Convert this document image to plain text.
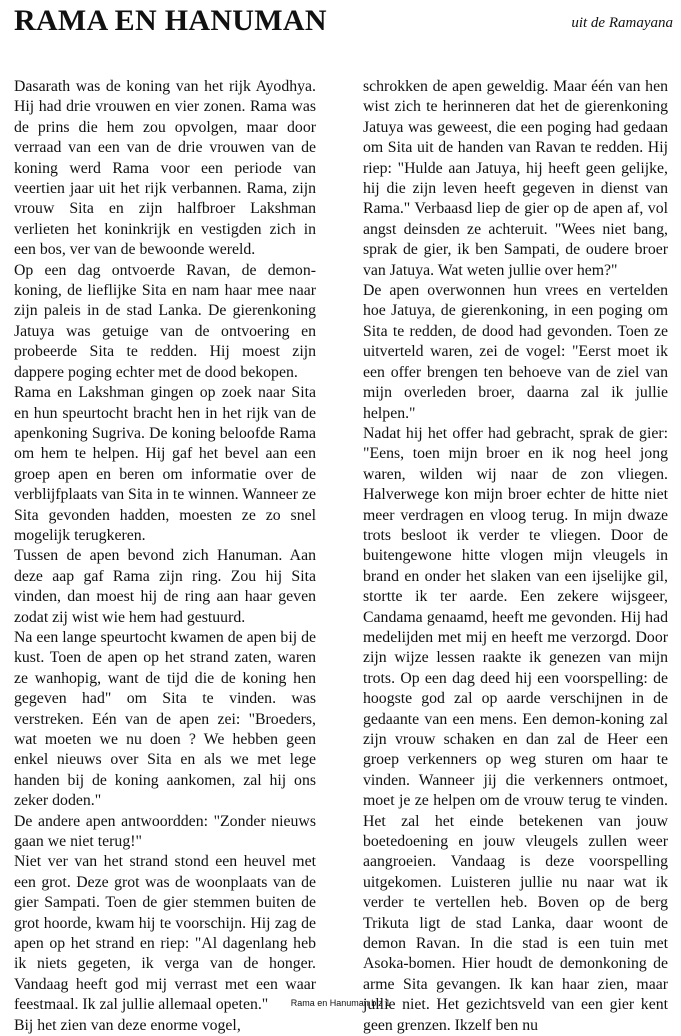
RAMA EN HANUMAN	uit de Ramayana

Dasarath was de koning van het rijk Ayodhya. Hij had drie vrouwen en vier zonen. Rama was de prins die hem zou opvolgen, maar door verraad van een van de drie vrouwen van de koning werd Rama voor een periode van veertien jaar uit het rijk verbannen. Rama, zijn vrouw Sita en zijn halfbroer Lakshman verlieten het koninkrijk en vestigden zich in een bos, ver van de bewoonde wereld.

Op een dag ontvoerde Ravan, de demon-koning, de lieflijke Sita en nam haar mee naar zijn paleis in de stad Lanka. De gierenkoning Jatuya was getuige van de ontvoering en probeerde Sita te redden. Hij moest zijn dappere poging echter met de dood bekopen.

Rama en Lakshman gingen op zoek naar Sita en hun speurtocht bracht hen in het rijk van de apenkoning Sugriva. De koning beloofde Rama om hem te helpen. Hij gaf het bevel aan een groep apen en beren om informatie over de verblijfplaats van Sita in te winnen. Wanneer ze Sita gevonden hadden, moesten ze zo snel mogelijk terugkeren.

Tussen de apen bevond zich Hanuman. Aan deze aap gaf Rama zijn ring. Zou hij Sita vinden, dan moest hij de ring aan haar geven zodat zij wist wie hem had gestuurd.

Na een lange speurtocht kwamen de apen bij de kust. Toen de apen op het strand zaten, waren ze wanhopig, want de tijd die de koning hen gegeven had" om Sita te vinden. was verstreken. Eén van de apen zei: "Broeders, wat moeten we nu doen ? We hebben geen enkel nieuws over Sita en als we met lege handen bij de koning aankomen, zal hij ons zeker doden."

De andere apen antwoordden: "Zonder nieuws gaan we niet terug!"

Niet ver van het strand stond een heuvel met een grot. Deze grot was de woonplaats van de gier Sampati. Toen de gier stemmen buiten de grot hoorde, kwam hij te voorschijn. Hij zag de apen op het strand en riep: "Al dagenlang heb ik niets gegeten, ik verga van de honger. Vandaag heeft god mij verrast met een waar feestmaal. Ik zal jullie allemaal opeten."

Bij het zien van deze enorme vogel,

schrokken de apen geweldig. Maar één van hen wist zich te herinneren dat het de gierenkoning Jatuya was geweest, die een poging had gedaan om Sita uit de handen van Ravan te redden. Hij riep: "Hulde aan Jatuya, hij heeft geen gelijke, hij die zijn leven heeft gegeven in dienst van Rama." Verbaasd liep de gier op de apen af, vol angst deinsden ze achteruit. "Wees niet bang, sprak de gier, ik ben Sampati, de oudere broer van Jatuya. Wat weten jullie over hem?"

De apen overwonnen hun vrees en vertelden hoe Jatuya, de gierenkoning, in een poging om Sita te redden, de dood had gevonden. Toen ze uitverteld waren, zei de vogel: "Eerst moet ik een offer brengen ten behoeve van de ziel van mijn overleden broer, daarna zal ik jullie helpen."

Nadat hij het offer had gebracht, sprak de gier: "Eens, toen mijn broer en ik nog heel jong waren, wilden wij naar de zon vliegen. Halverwege kon mijn broer echter de hitte niet meer verdragen en vloog terug. In mijn dwaze trots besloot ik verder te vliegen. Door de buitengewone hitte vlogen mijn vleugels in brand en onder het slaken van een ijselijke gil, stortte ik ter aarde. Een zekere wijsgeer, Candama genaamd, heeft me gevonden. Hij had medelijden met mij en heeft me verzorgd. Door zijn wijze lessen raakte ik genezen van mijn trots. Op een dag deed hij een voorspelling: de hoogste god zal op aarde verschijnen in de gedaante van een mens. Een demon-koning zal zijn vrouw schaken en dan zal de Heer een groep verkenners op weg sturen om haar te vinden. Wanneer jij die verkenners ontmoet, moet je ze helpen om de vrouw terug te vinden. Het zal het einde betekenen van jouw boetedoening en jouw vleugels zullen weer aangroeien. Vandaag is deze voorspelling uitgekomen. Luisteren jullie nu naar wat ik verder te vertellen heb. Boven op de berg Trikuta ligt de stad Lanka, daar woont de demon Ravan. In die stad is een tuin met Asoka-bomen. Hier houdt de demonkoning de arme Sita gevangen. Ik kan haar zien, maar jullie niet. Het gezichtsveld van een gier kent geen grenzen. Ikzelf ben nu

Rama en Hanuman blz 1
